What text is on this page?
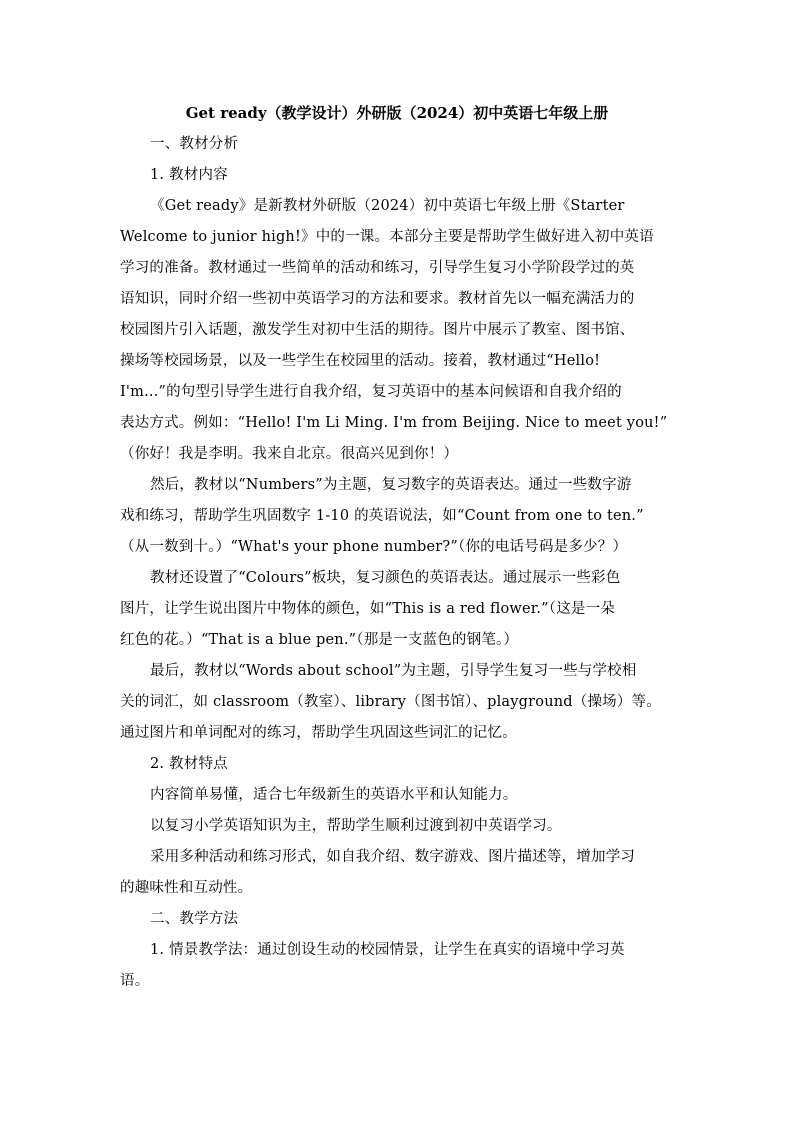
Get ready（教学设计）外研版（2024）初中英语七年级上册
一、教材分析
1. 教材内容
《Get ready》是新教材外研版（2024）初中英语七年级上册《Starter
Welcome to junior high!》中的一课。本部分主要是帮助学生做好进入初中英语
学习的准备。教材通过一些简单的活动和练习，引导学生复习小学阶段学过的英
语知识，同时介绍一些初中英语学习的方法和要求。教材首先以一幅充满活力的
校园图片引入话题，激发学生对初中生活的期待。图片中展示了教室、图书馆、
操场等校园场景，以及一些学生在校园里的活动。接着，教材通过“Hello!
I'm...”的句型引导学生进行自我介绍，复习英语中的基本问候语和自我介绍的
表达方式。例如：“Hello! I'm Li Ming. I'm from Beijing. Nice to meet you!”
（你好！我是李明。我来自北京。很高兴见到你！）
然后，教材以“Numbers”为主题，复习数字的英语表达。通过一些数字游
戏和练习，帮助学生巩固数字 1-10 的英语说法，如“Count from one to ten.”
（从一数到十。）“What's your phone number?”（你的电话号码是多少？）
教材还设置了“Colours”板块，复习颜色的英语表达。通过展示一些彩色
图片，让学生说出图片中物体的颜色，如“This is a red flower.”（这是一朵
红色的花。）“That is a blue pen.”（那是一支蓝色的钢笔。）
最后，教材以“Words about school”为主题，引导学生复习一些与学校相
关的词汇，如 classroom（教室）、library（图书馆）、playground（操场）等。
通过图片和单词配对的练习，帮助学生巩固这些词汇的记忆。
2. 教材特点
内容简单易懂，适合七年级新生的英语水平和认知能力。
以复习小学英语知识为主，帮助学生顺利过渡到初中英语学习。
采用多种活动和练习形式，如自我介绍、数字游戏、图片描述等，增加学习
的趣味性和互动性。
二、教学方法
1. 情景教学法：通过创设生动的校园情景，让学生在真实的语境中学习英
语。
